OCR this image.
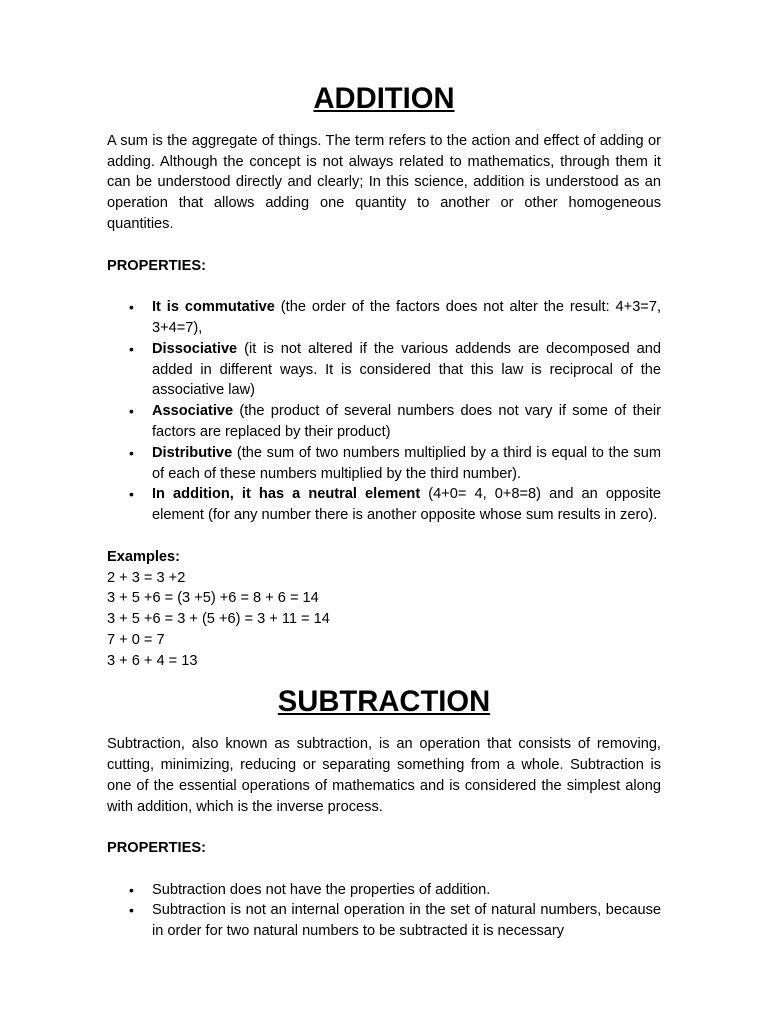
ADDITION

A sum is the aggregate of things. The term refers to the action and effect of adding or adding. Although the concept is not always related to mathematics, through them it can be understood directly and clearly; In this science, addition is understood as an operation that allows adding one quantity to another or other homogeneous quantities.

PROPERTIES:

• It is commutative (the order of the factors does not alter the result: 4+3=7, 3+4=7),
• Dissociative (it is not altered if the various addends are decomposed and added in different ways. It is considered that this law is reciprocal of the associative law)
• Associative (the product of several numbers does not vary if some of their factors are replaced by their product)
• Distributive (the sum of two numbers multiplied by a third is equal to the sum of each of these numbers multiplied by the third number).
• In addition, it has a neutral element (4+0= 4, 0+8=8) and an opposite element (for any number there is another opposite whose sum results in zero).

Examples:

2 + 3 = 3 +2

3 + 5 +6 = (3 +5) +6 = 8 + 6 = 14

3 + 5 +6 = 3 + (5 +6) = 3 + 11 = 14

7 + 0 = 7

3 + 6 + 4 = 13

SUBTRACTION

Subtraction, also known as subtraction, is an operation that consists of removing, cutting, minimizing, reducing or separating something from a whole. Subtraction is one of the essential operations of mathematics and is considered the simplest along with addition, which is the inverse process.

PROPERTIES:

• Subtraction does not have the properties of addition.
• Subtraction is not an internal operation in the set of natural numbers, because in order for two natural numbers to be subtracted it is necessary
